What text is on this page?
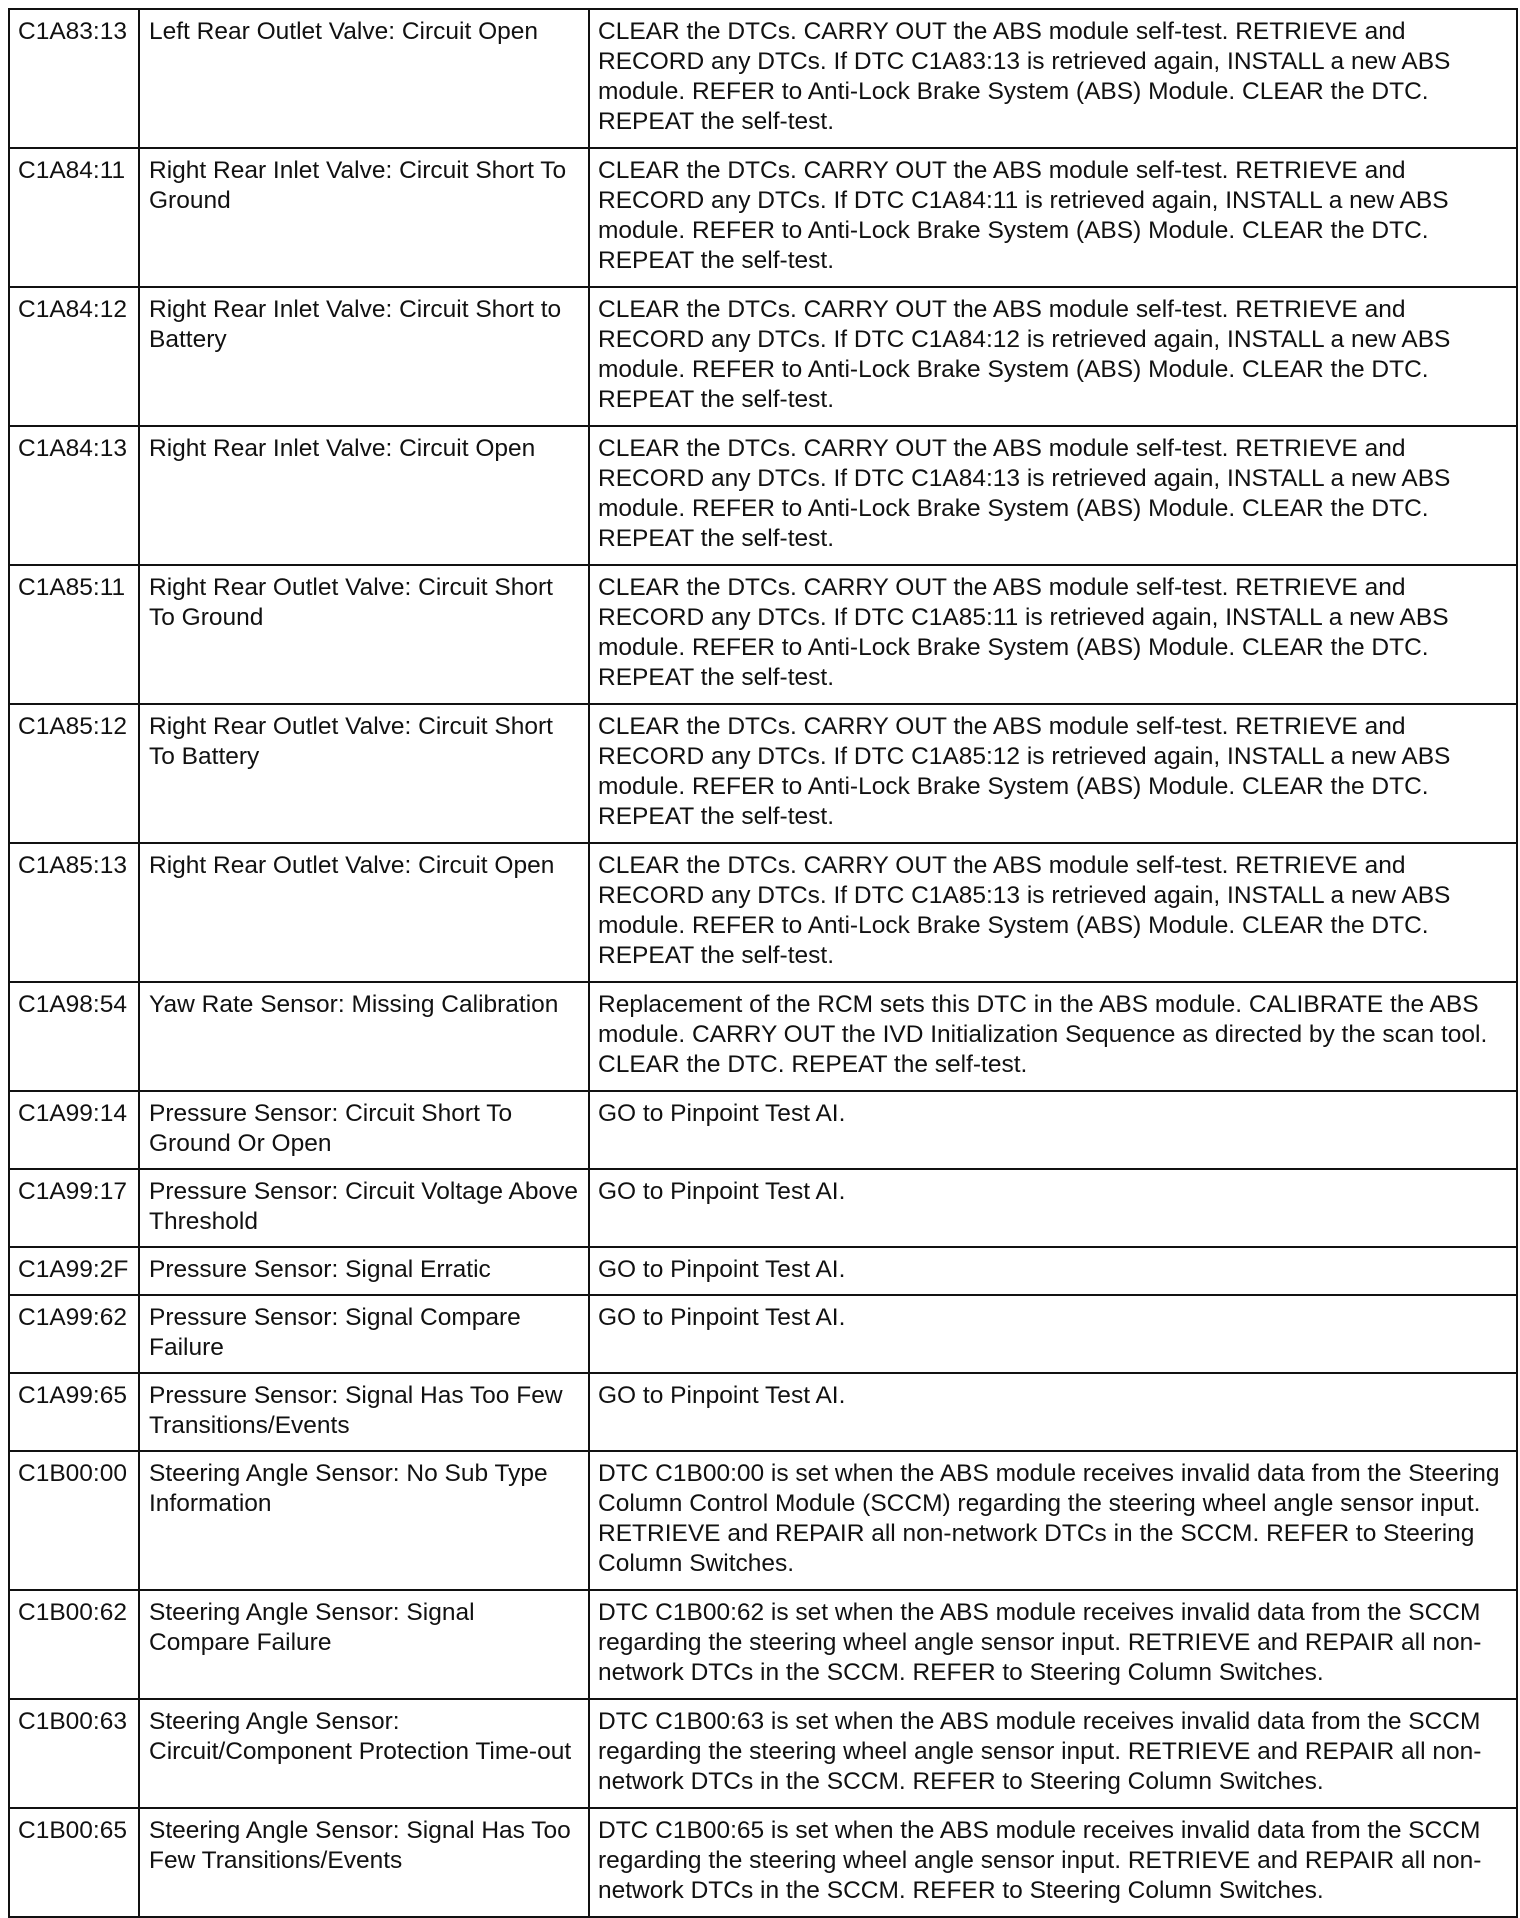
C1A83:13	Left Rear Outlet Valve: Circuit Open	CLEAR the DTCs. CARRY OUT the ABS module self-test. RETRIEVE and RECORD any DTCs. If DTC C1A83:13 is retrieved again, INSTALL a new ABS module. REFER to Anti-Lock Brake System (ABS) Module. CLEAR the DTC. REPEAT the self-test.
C1A84:11	Right Rear Inlet Valve: Circuit Short To Ground	CLEAR the DTCs. CARRY OUT the ABS module self-test. RETRIEVE and RECORD any DTCs. If DTC C1A84:11 is retrieved again, INSTALL a new ABS module. REFER to Anti-Lock Brake System (ABS) Module. CLEAR the DTC. REPEAT the self-test.
C1A84:12	Right Rear Inlet Valve: Circuit Short to Battery	CLEAR the DTCs. CARRY OUT the ABS module self-test. RETRIEVE and RECORD any DTCs. If DTC C1A84:12 is retrieved again, INSTALL a new ABS module. REFER to Anti-Lock Brake System (ABS) Module. CLEAR the DTC. REPEAT the self-test.
C1A84:13	Right Rear Inlet Valve: Circuit Open	CLEAR the DTCs. CARRY OUT the ABS module self-test. RETRIEVE and RECORD any DTCs. If DTC C1A84:13 is retrieved again, INSTALL a new ABS module. REFER to Anti-Lock Brake System (ABS) Module. CLEAR the DTC. REPEAT the self-test.
C1A85:11	Right Rear Outlet Valve: Circuit Short To Ground	CLEAR the DTCs. CARRY OUT the ABS module self-test. RETRIEVE and RECORD any DTCs. If DTC C1A85:11 is retrieved again, INSTALL a new ABS module. REFER to Anti-Lock Brake System (ABS) Module. CLEAR the DTC. REPEAT the self-test.
C1A85:12	Right Rear Outlet Valve: Circuit Short To Battery	CLEAR the DTCs. CARRY OUT the ABS module self-test. RETRIEVE and RECORD any DTCs. If DTC C1A85:12 is retrieved again, INSTALL a new ABS module. REFER to Anti-Lock Brake System (ABS) Module. CLEAR the DTC. REPEAT the self-test.
C1A85:13	Right Rear Outlet Valve: Circuit Open	CLEAR the DTCs. CARRY OUT the ABS module self-test. RETRIEVE and RECORD any DTCs. If DTC C1A85:13 is retrieved again, INSTALL a new ABS module. REFER to Anti-Lock Brake System (ABS) Module. CLEAR the DTC. REPEAT the self-test.
C1A98:54	Yaw Rate Sensor: Missing Calibration	Replacement of the RCM sets this DTC in the ABS module. CALIBRATE the ABS module. CARRY OUT the IVD Initialization Sequence as directed by the scan tool. CLEAR the DTC. REPEAT the self-test.
C1A99:14	Pressure Sensor: Circuit Short To Ground Or Open	GO to Pinpoint Test AI.
C1A99:17	Pressure Sensor: Circuit Voltage Above Threshold	GO to Pinpoint Test AI.
C1A99:2F	Pressure Sensor: Signal Erratic	GO to Pinpoint Test AI.
C1A99:62	Pressure Sensor: Signal Compare Failure	GO to Pinpoint Test AI.
C1A99:65	Pressure Sensor: Signal Has Too Few Transitions/Events	GO to Pinpoint Test AI.
C1B00:00	Steering Angle Sensor: No Sub Type Information	DTC C1B00:00 is set when the ABS module receives invalid data from the Steering Column Control Module (SCCM) regarding the steering wheel angle sensor input. RETRIEVE and REPAIR all non-network DTCs in the SCCM. REFER to Steering Column Switches.
C1B00:62	Steering Angle Sensor: Signal Compare Failure	DTC C1B00:62 is set when the ABS module receives invalid data from the SCCM regarding the steering wheel angle sensor input. RETRIEVE and REPAIR all non-network DTCs in the SCCM. REFER to Steering Column Switches.
C1B00:63	Steering Angle Sensor: Circuit/Component Protection Time-out	DTC C1B00:63 is set when the ABS module receives invalid data from the SCCM regarding the steering wheel angle sensor input. RETRIEVE and REPAIR all non-network DTCs in the SCCM. REFER to Steering Column Switches.
C1B00:65	Steering Angle Sensor: Signal Has Too Few Transitions/Events	DTC C1B00:65 is set when the ABS module receives invalid data from the SCCM regarding the steering wheel angle sensor input. RETRIEVE and REPAIR all non-network DTCs in the SCCM. REFER to Steering Column Switches.
